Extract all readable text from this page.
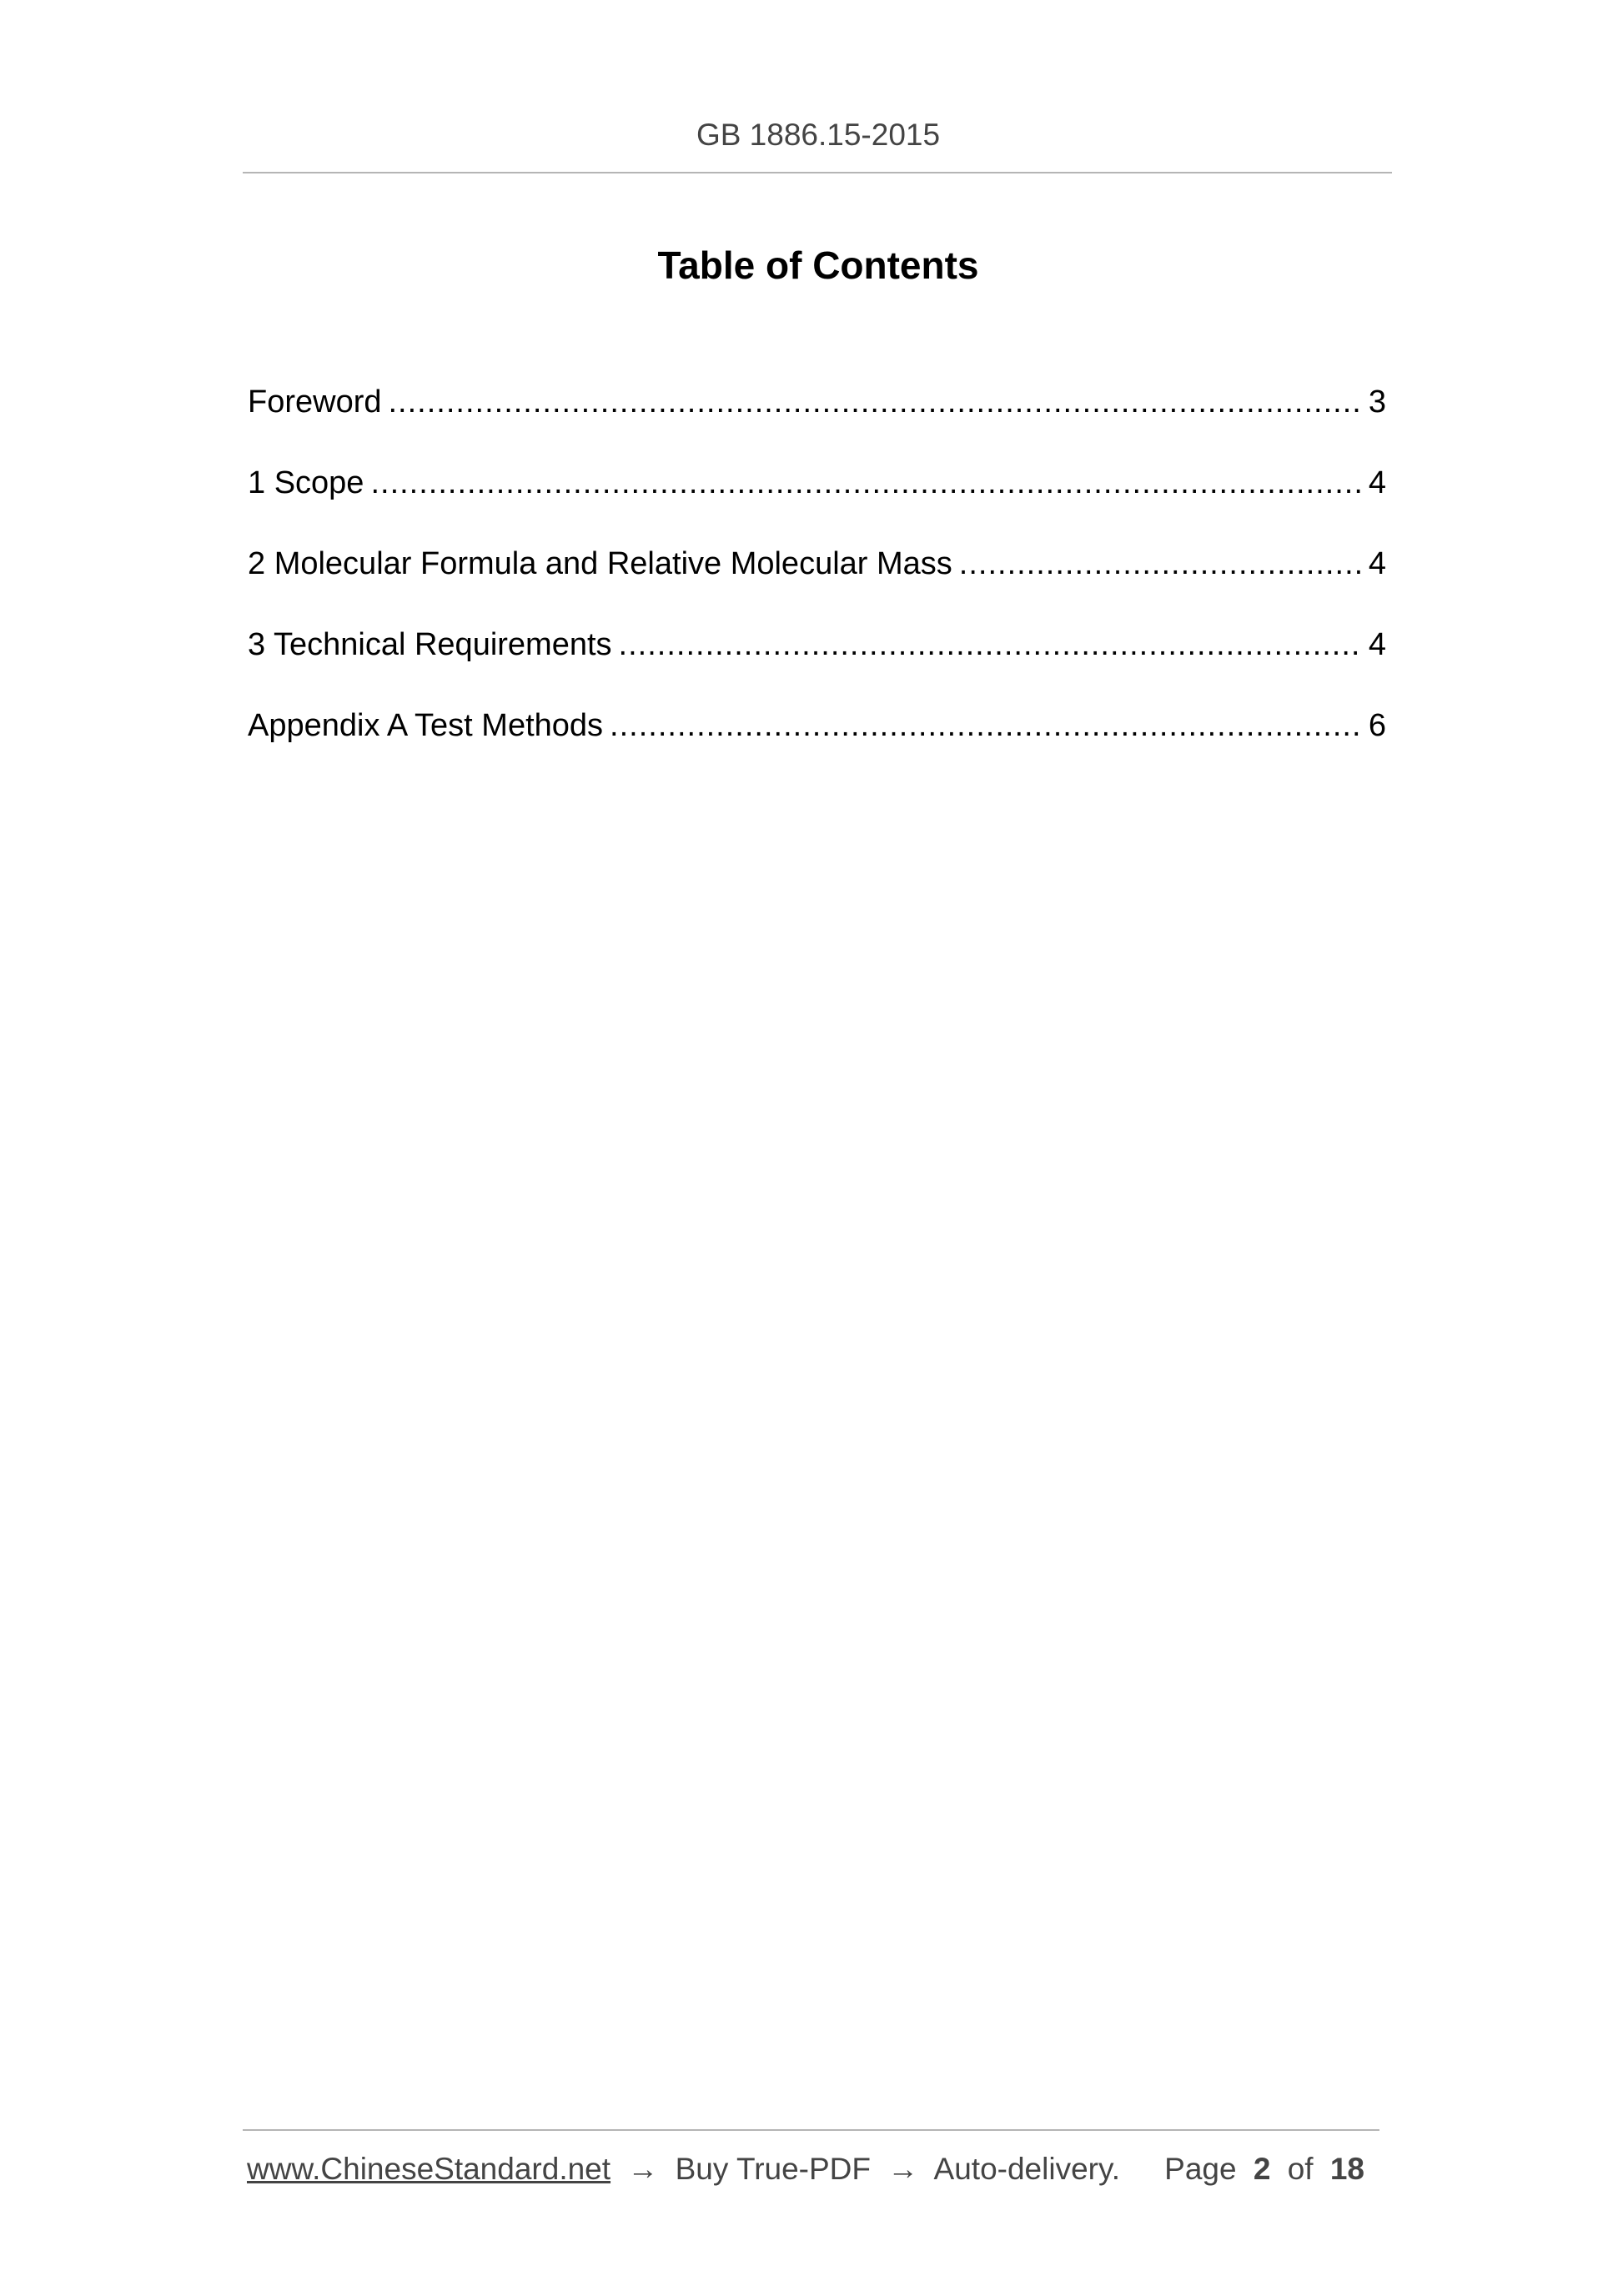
GB 1886.15-2015
Table of Contents
Foreword .....	3
1 Scope .....	4
2 Molecular Formula and Relative Molecular Mass .....	4
3 Technical Requirements .....	4
Appendix A Test Methods .....	6
www.ChineseStandard.net → Buy True-PDF → Auto-delivery. Page 2 of 18
